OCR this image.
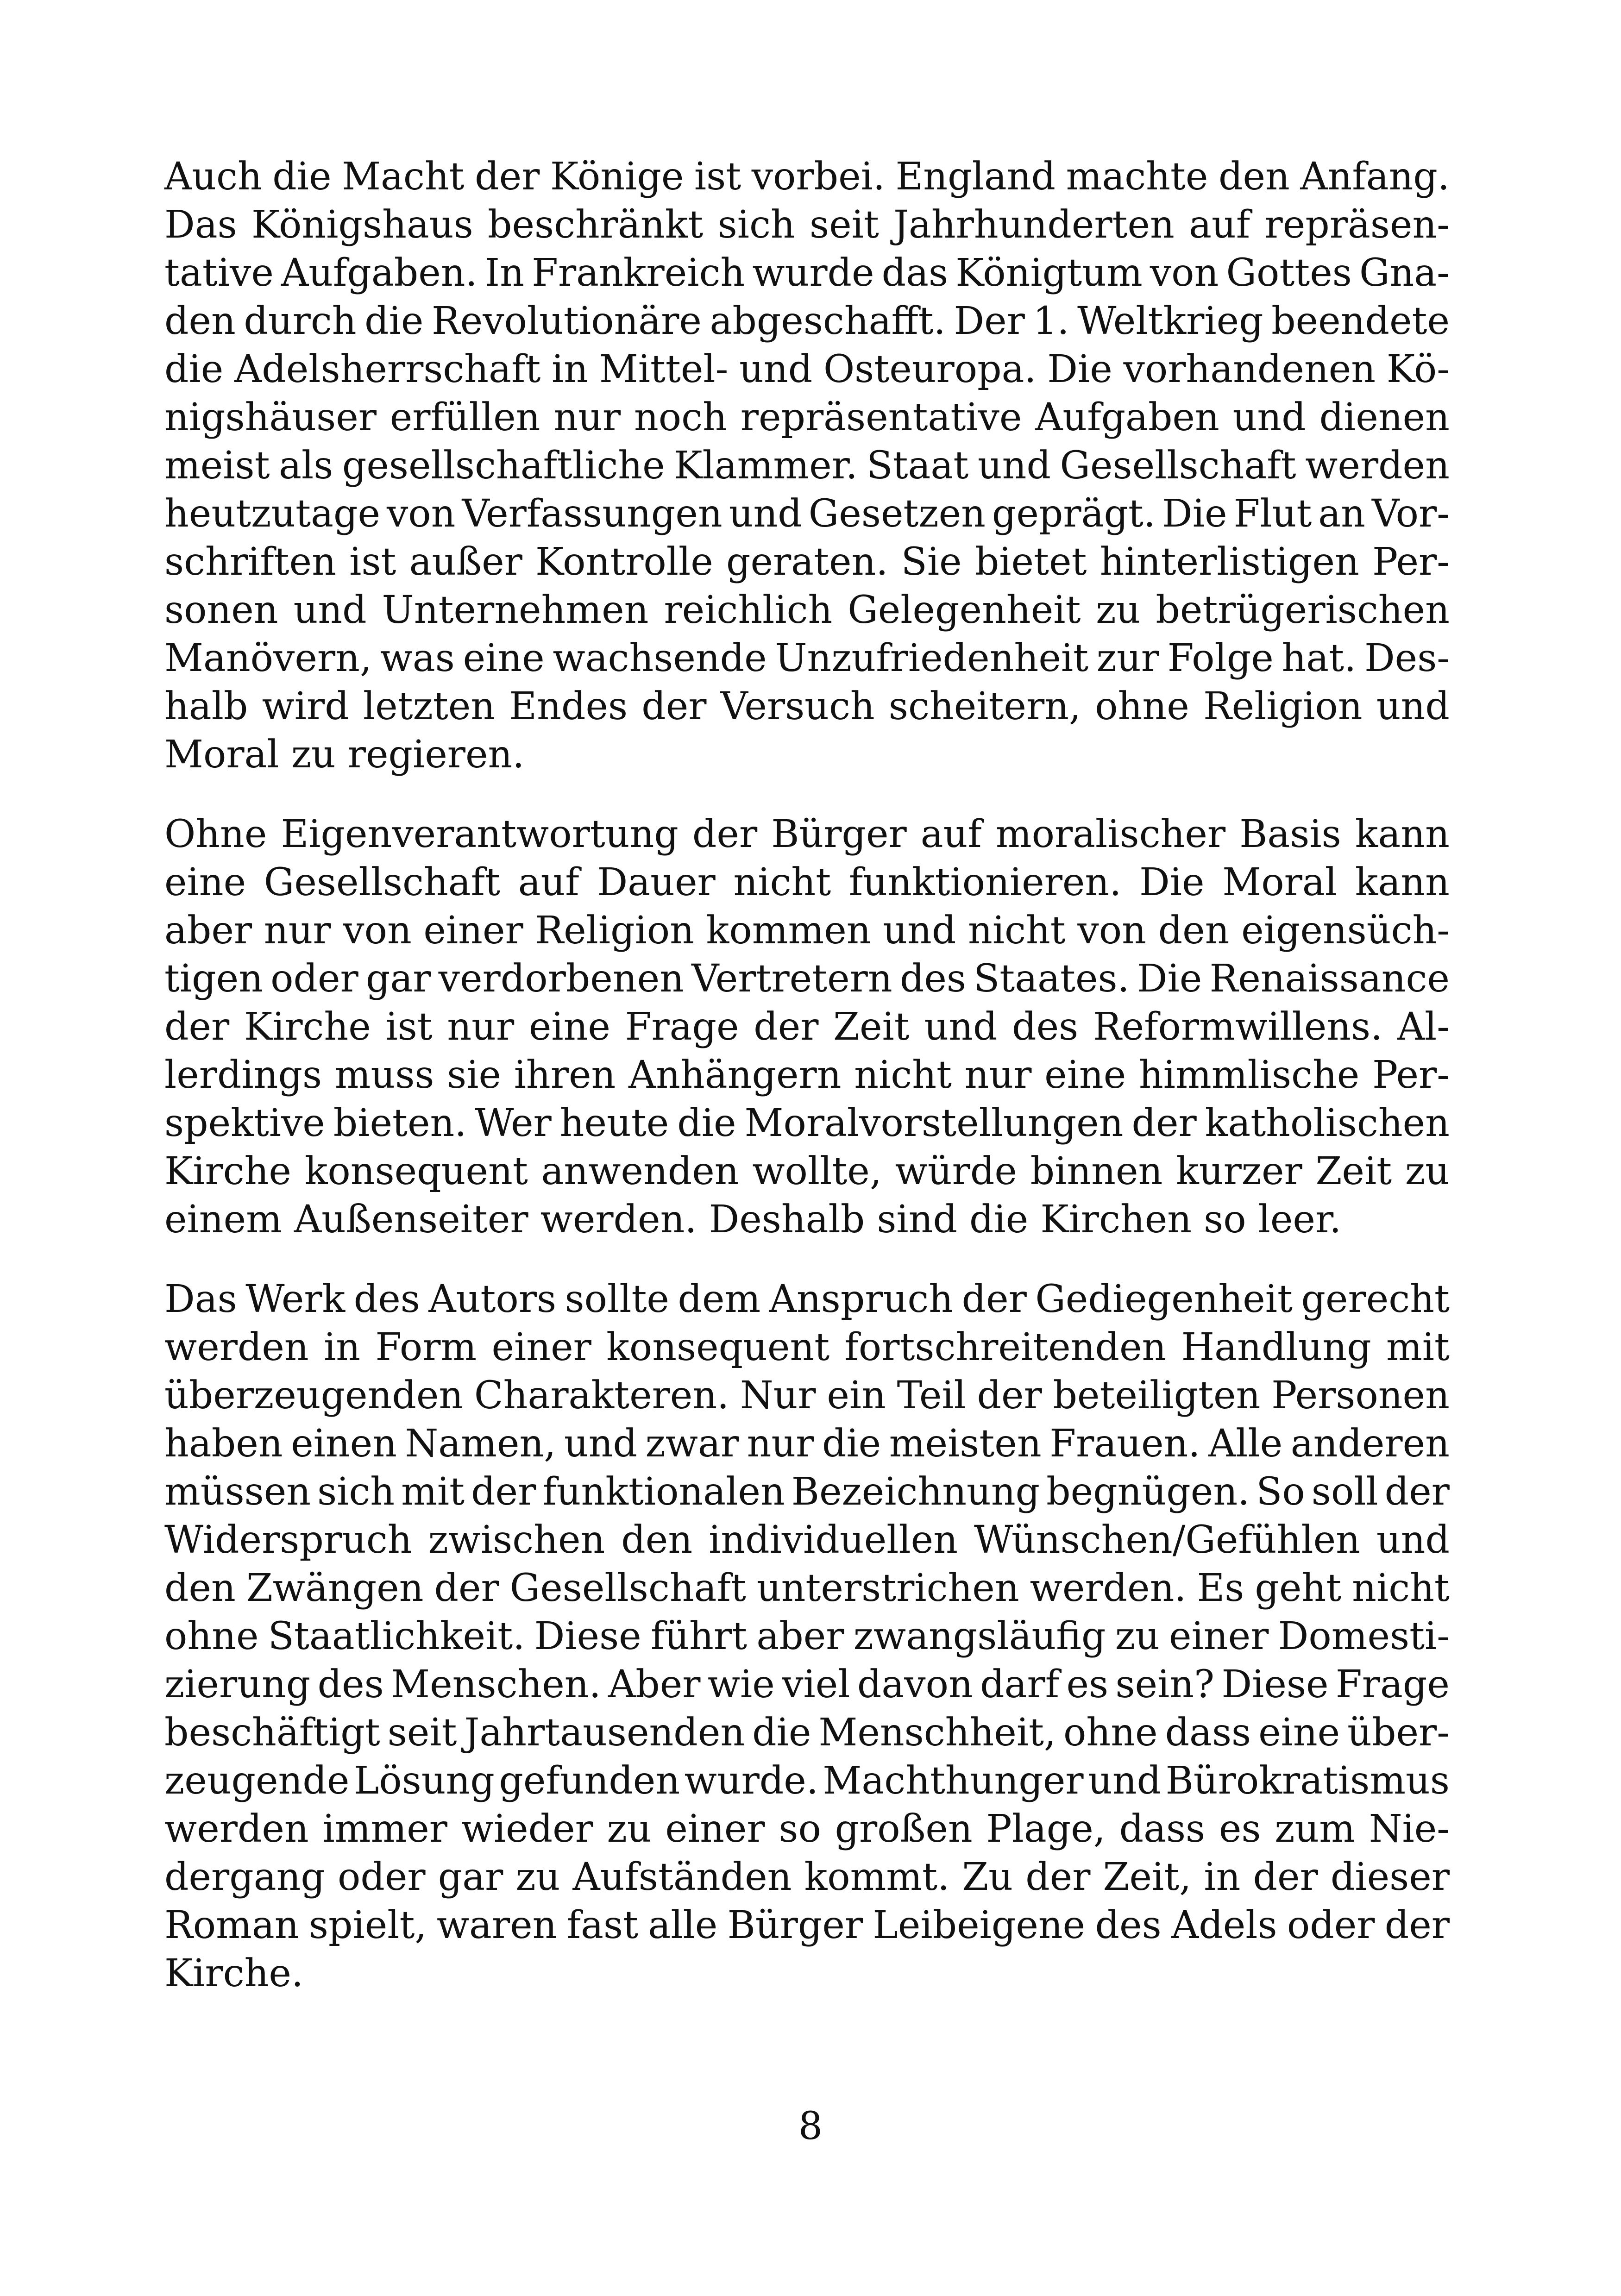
Auch die Macht der Könige ist vorbei. England machte den Anfang.
Das Königshaus beschränkt sich seit Jahrhunderten auf repräsen-
tative Aufgaben. In Frankreich wurde das Königtum von Gottes Gna-
den durch die Revolutionäre abgeschafft. Der 1. Weltkrieg beendete
die Adelsherrschaft in Mittel- und Osteuropa. Die vorhandenen Kö-
nigshäuser erfüllen nur noch repräsentative Aufgaben und dienen
meist als gesellschaftliche Klammer. Staat und Gesellschaft werden
heutzutage von Verfassungen und Gesetzen geprägt. Die Flut an Vor-
schriften ist außer Kontrolle geraten. Sie bietet hinterlistigen Per-
sonen und Unternehmen reichlich Gelegenheit zu betrügerischen
Manövern, was eine wachsende Unzufriedenheit zur Folge hat. Des-
halb wird letzten Endes der Versuch scheitern, ohne Religion und
Moral zu regieren.
Ohne Eigenverantwortung der Bürger auf moralischer Basis kann
eine Gesellschaft auf Dauer nicht funktionieren. Die Moral kann
aber nur von einer Religion kommen und nicht von den eigensüch-
tigen oder gar verdorbenen Vertretern des Staates. Die Renaissance
der Kirche ist nur eine Frage der Zeit und des Reformwillens. Al-
lerdings muss sie ihren Anhängern nicht nur eine himmlische Per-
spektive bieten. Wer heute die Moralvorstellungen der katholischen
Kirche konsequent anwenden wollte, würde binnen kurzer Zeit zu
einem Außenseiter werden. Deshalb sind die Kirchen so leer.
Das Werk des Autors sollte dem Anspruch der Gediegenheit gerecht
werden in Form einer konsequent fortschreitenden Handlung mit
überzeugenden Charakteren. Nur ein Teil der beteiligten Personen
haben einen Namen, und zwar nur die meisten Frauen. Alle anderen
müssen sich mit der funktionalen Bezeichnung begnügen. So soll der
Widerspruch zwischen den individuellen Wünschen/Gefühlen und
den Zwängen der Gesellschaft unterstrichen werden. Es geht nicht
ohne Staatlichkeit. Diese führt aber zwangsläufig zu einer Domesti-
zierung des Menschen. Aber wie viel davon darf es sein? Diese Frage
beschäftigt seit Jahrtausenden die Menschheit, ohne dass eine über-
zeugende Lösung gefunden wurde. Machthunger und Bürokratismus
werden immer wieder zu einer so großen Plage, dass es zum Nie-
dergang oder gar zu Aufständen kommt. Zu der Zeit, in der dieser
Roman spielt, waren fast alle Bürger Leibeigene des Adels oder der
Kirche.
8
